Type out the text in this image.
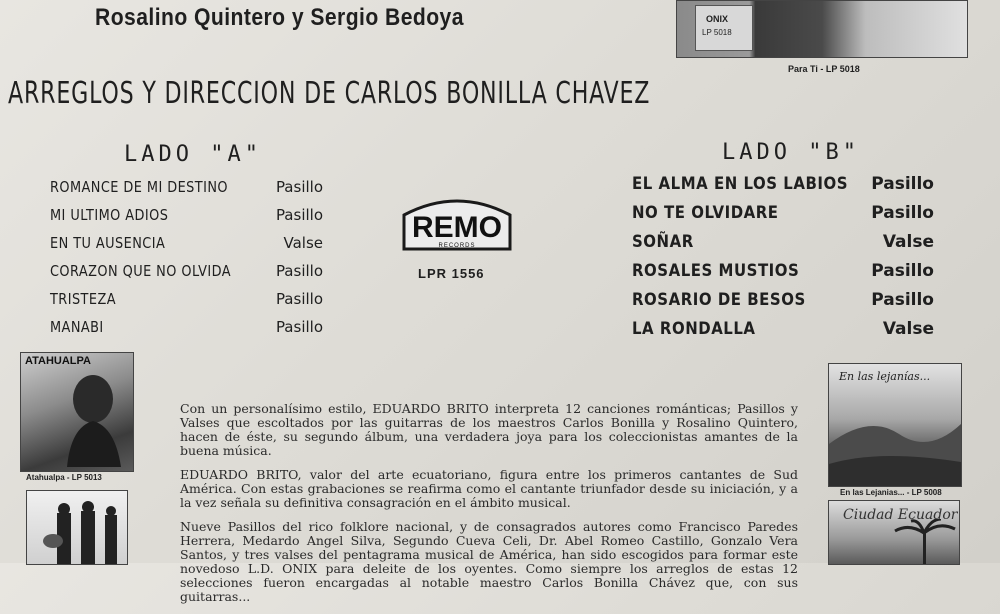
Rosalino Quintero y Sergio Bedoya
ARREGLOS Y DIRECCION DE CARLOS BONILLA CHAVEZ
ONIX
LP 5018
Para Ti - LP 5018
LADO "A"
ROMANCE DE MI DESTINO	Pasillo
MI ULTIMO ADIOS	Pasillo
EN TU AUSENCIA	Valse
CORAZON QUE NO OLVIDA	Pasillo
TRISTEZA	Pasillo
MANABI	Pasillo
REMO
RECORDS
LPR 1556
LADO "B"
EL ALMA EN LOS LABIOS Pasillo
NO TE OLVIDARE	Pasillo
SOÑAR	Valse
ROSALES MUSTIOS	Pasillo
ROSARIO DE BESOS	Pasillo
LA RONDALLA	Valse
ATAHUALPA
Atahualpa - LP 5013
En las lejanías...
En las Lejanias... - LP 5008
Ciudad Ecuador

Con un personalísimo estilo, EDUARDO BRITO interpreta 12 canciones románticas; Pasillos y Valses que escoltados por las guitarras de los maestros Carlos Bonilla y Rosalino Quintero, hacen de éste, su segundo álbum, una verdadera joya para los coleccionistas amantes de la buena música.

EDUARDO BRITO, valor del arte ecuatoriano, figura entre los primeros cantantes de Sud América. Con estas grabaciones se reafirma como el cantante triunfador desde su iniciación, y a la vez señala su definitiva consagración en el ámbito musical.

Nueve Pasillos del rico folklore nacional, y de consagrados autores como Francisco Paredes Herrera, Medardo Angel Silva, Segundo Cueva Celi, Dr. Abel Romeo Castillo, Gonzalo Vera Santos, y tres valses del pentagrama musical de América, han sido escogidos para formar este novedoso L.D. ONIX para deleite de los oyentes. Como siempre los arreglos de estas 12 selecciones fueron encargadas al notable maestro Carlos Bonilla Chávez que, con sus guitarras...
